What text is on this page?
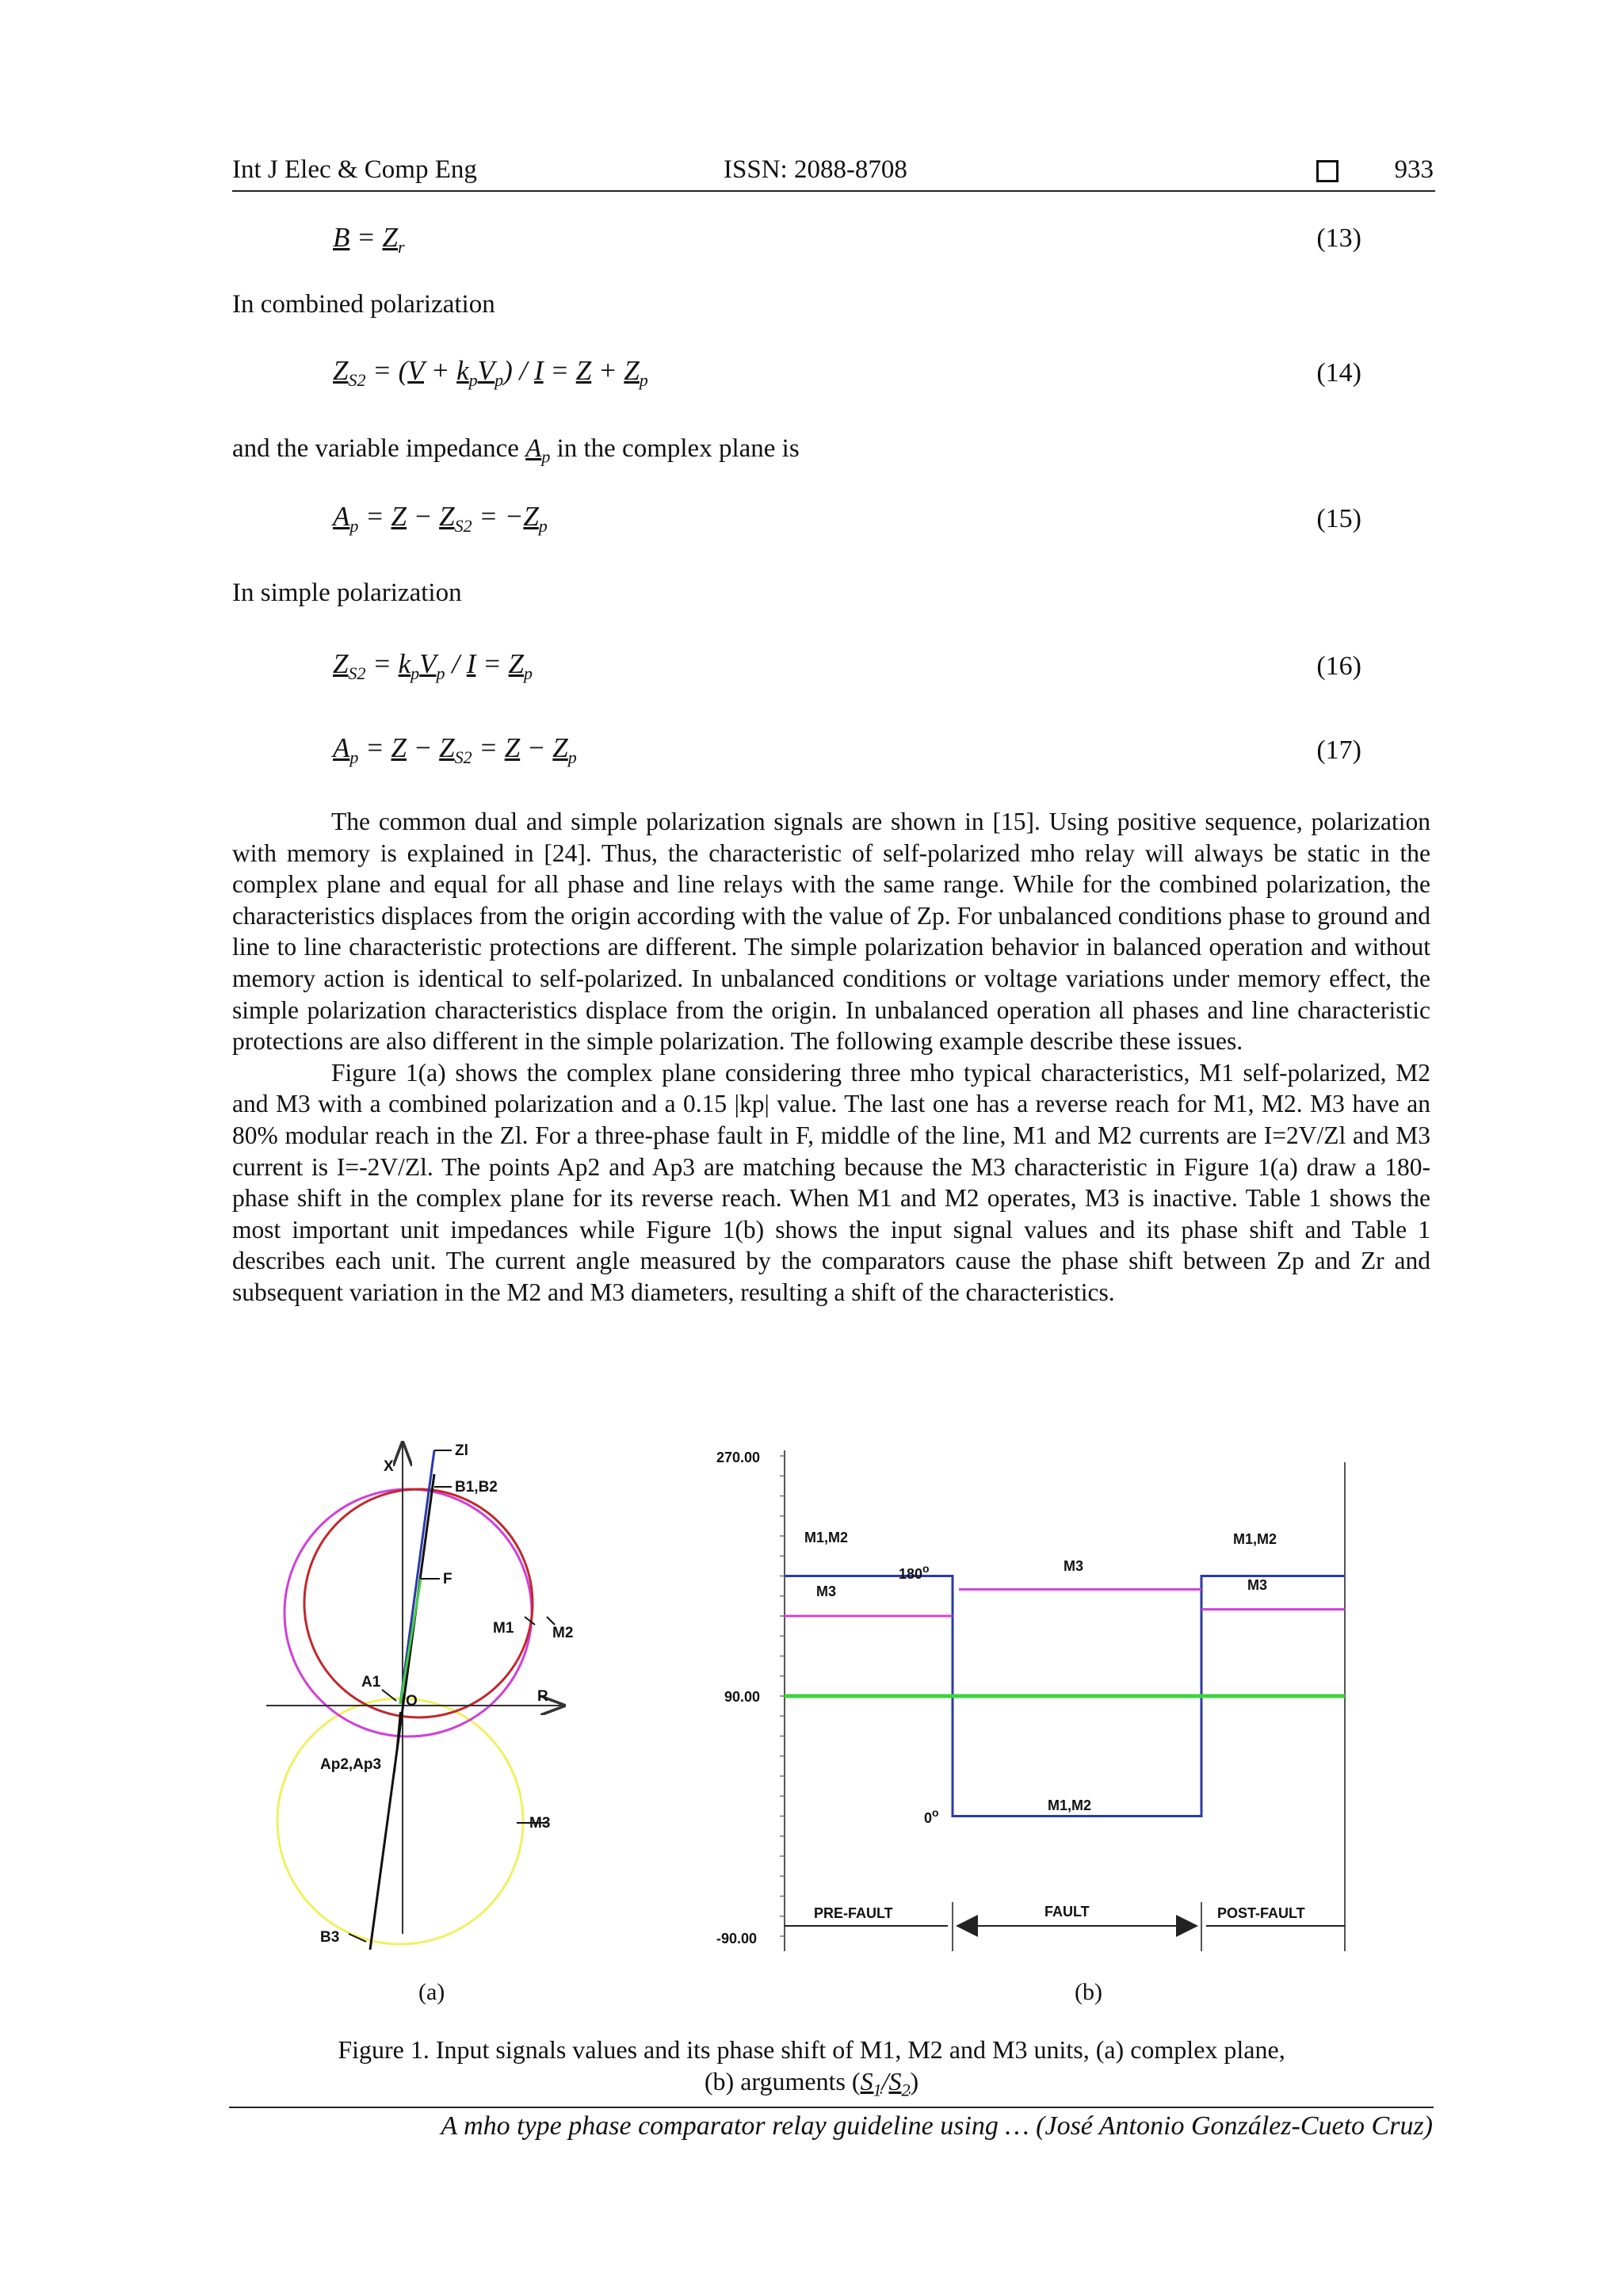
Int J Elec & Comp Eng	ISSN: 2088-8708	933
$B = Z_r$	(13)
In combined polarization
$Z_{S2} = (V + k_pV_p) / I = Z + Z_p$	(14)
and the variable impedance $A_p$ in the complex plane is
$A_p = Z - Z_{S2} = -Z_p$	(15)
In simple polarization
$Z_{S2} = k_pV_p / I = Z_p$	(16)
$A_p = Z - Z_{S2} = Z - Z_p$	(17)

The common dual and simple polarization signals are shown in [15]. Using positive sequence, polarization with memory is explained in [24]. Thus, the characteristic of self-polarized mho relay will always be static in the complex plane and equal for all phase and line relays with the same range. While for the combined polarization, the characteristics displaces from the origin according with the value of Zp. For unbalanced conditions phase to ground and line to line characteristic protections are different. The simple polarization behavior in balanced operation and without memory action is identical to self-polarized. In unbalanced conditions or voltage variations under memory effect, the simple polarization characteristics displace from the origin. In unbalanced operation all phases and line characteristic protections are also different in the simple polarization. The following example describe these issues.

Figure 1(a) shows the complex plane considering three mho typical characteristics, M1 self-polarized, M2 and M3 with a combined polarization and a 0.15 |kp| value. The last one has a reverse reach for M1, M2. M3 have an 80% modular reach in the Zl. For a three-phase fault in F, middle of the line, M1 and M2 currents are I=2V/Zl and M3 current is I=-2V/Zl. The points Ap2 and Ap3 are matching because the M3 characteristic in Figure 1(a) draw a 180-phase shift in the complex plane for its reverse reach. When M1 and M2 operates, M3 is inactive. Table 1 shows the most important unit impedances while Figure 1(b) shows the input signal values and its phase shift and Table 1 describes each unit. The current angle measured by the comparators cause the phase shift between Zp and Zr and subsequent variation in the M2 and M3 diameters, resulting a shift of the characteristics.

Zl
B1,B2
X
F
M1	M2
A1
O	R
Ap2,Ap3
M3
B3
270.00
90.00
-90.00
M1,M2
M3
180$^o$	M3
M1,M2
M3
0$^o$	M1,M2
PRE-FAULT	FAULT	POST-FAULT
(a)	(b)
Figure 1. Input signals values and its phase shift of M1, M2 and M3 units, (a) complex plane,
(b) arguments $(S_1/S_2)$
A mho type phase comparator relay guideline using … (José Antonio González-Cueto Cruz)
